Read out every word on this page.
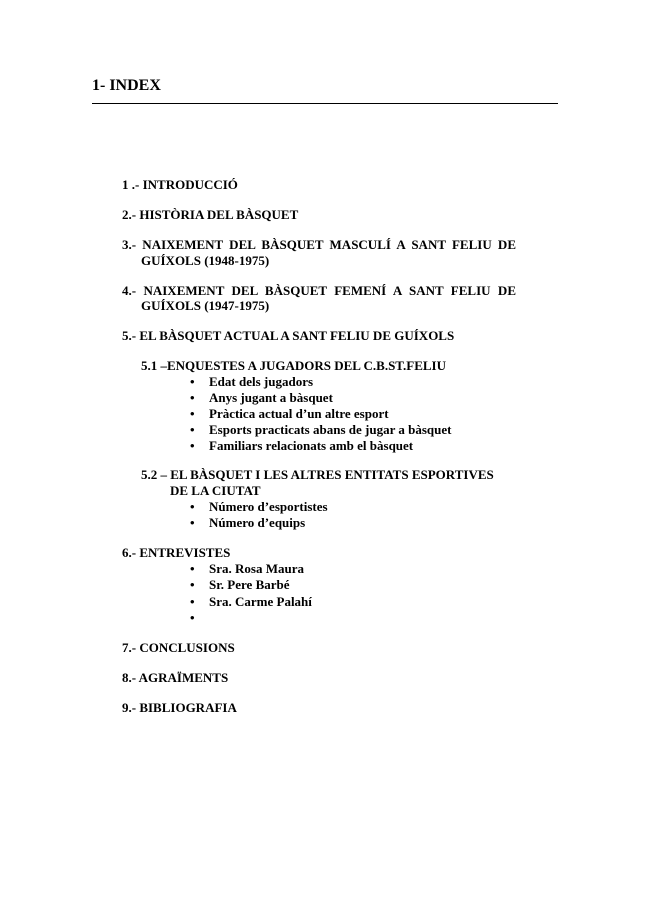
1- INDEX
1 .- INTRODUCCIÓ
2.- HISTÒRIA DEL BÀSQUET
3.- NAIXEMENT DEL BÀSQUET MASCULÍ A SANT FELIU DE
GUÍXOLS (1948-1975)
4.- NAIXEMENT DEL BÀSQUET FEMENÍ A SANT FELIU DE
GUÍXOLS (1947-1975)
5.- EL BÀSQUET ACTUAL A SANT FELIU DE GUÍXOLS
5.1 –ENQUESTES A JUGADORS DEL C.B.ST.FELIU
• Edat dels jugadors
• Anys jugant a bàsquet
• Pràctica actual d’un altre esport
• Esports practicats abans de jugar a bàsquet
• Familiars relacionats amb el bàsquet
5.2 – EL BÀSQUET I LES ALTRES ENTITATS ESPORTIVES
DE LA CIUTAT
• Número d’esportistes
• Número d’equips
6.- ENTREVISTES
• Sra. Rosa Maura
• Sr. Pere Barbé
• Sra. Carme Palahí
•
7.- CONCLUSIONS
8.- AGRAÏMENTS
9.- BIBLIOGRAFIA
